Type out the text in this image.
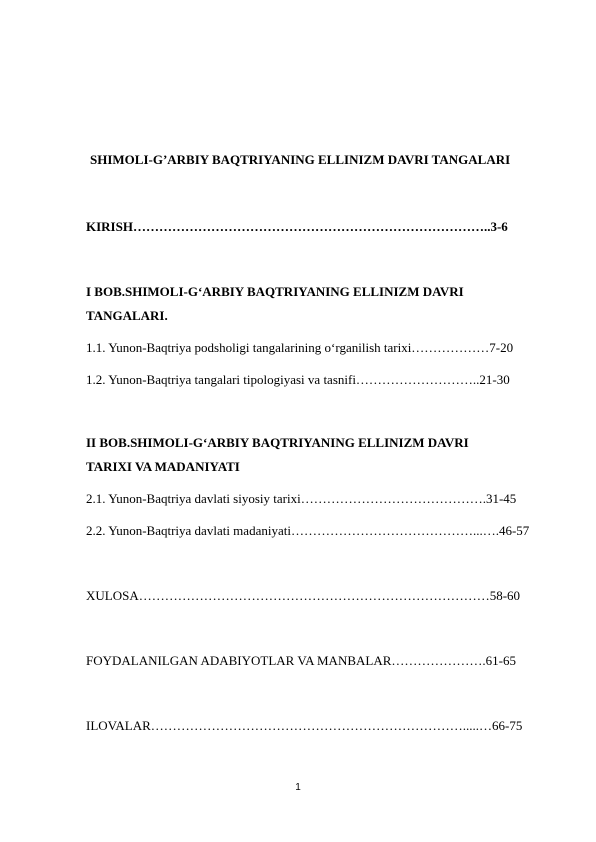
SHIMOLI-G’ARBIY BAQTRIYANING ELLINIZM DAVRI TANGALARI
KIRISH………………………………………………………………………..3-6
I BOB.SHIMOLI-G‘ARBIY BAQTRIYANING ELLINIZM DAVRI
TANGALARI.
1.1. Yunon-Baqtriya podsholigi tangalarining o‘rganilish tarixi………………7-20
1.2. Yunon-Baqtriya tangalari tipologiyasi va tasnifi………………………..21-30
II BOB.SHIMOLI-G‘ARBIY BAQTRIYANING ELLINIZM DAVRI
TARIXI VA MADANIYATI
2.1. Yunon-Baqtriya davlati siyosiy tarixi…………………………………….31-45
2.2. Yunon-Baqtriya davlati madaniyati……………………………………...….46-57
XULOSA………………………………………………………………………58-60
FOYDALANILGAN ADABIYOTLAR VA MANBALAR………………….61-65
ILOVALAR……………………………………………………………….....…66-75
1
